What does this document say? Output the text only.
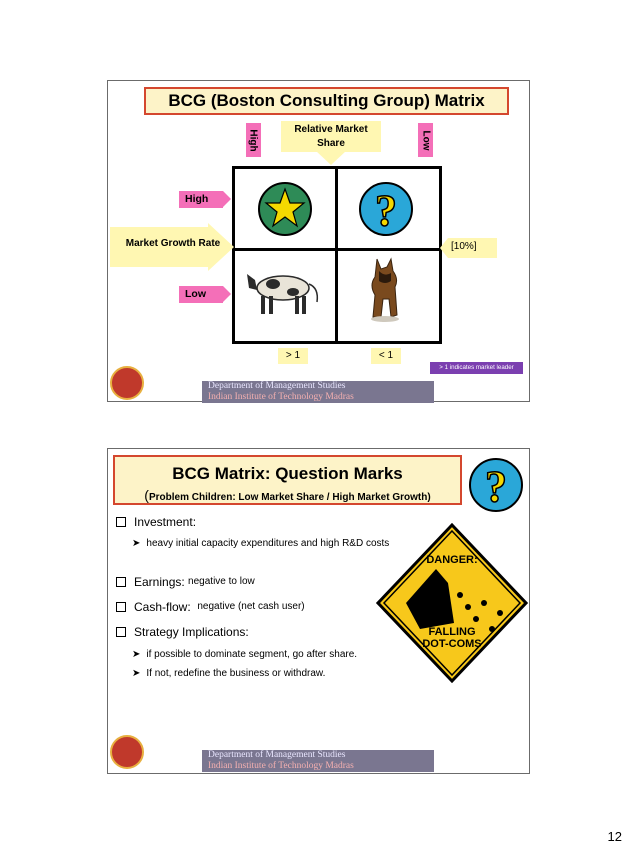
BCG (Boston Consulting Group) Matrix
High	Low
Relative Market Share
?
High
Low
Market Growth Rate	[10%]
> 1	< 1
> 1 indicates market leader
Department of Management Studies
Indian Institute of Technology Madras
BCG Matrix: Question Marks
(Problem Children: Low Market Share / High Market Growth)	?
Investment:
➤ heavy initial capacity expenditures and high R&D costs
Earnings:
negative to low
Cash-flow:
negative (net cash user)
Strategy Implications:
➤ if possible to dominate segment, go after share.
➤ If not, redefine the business or withdraw.
DANGER:
FALLING
DOT-COMS
Department of Management Studies
Indian Institute of Technology Madras
12
